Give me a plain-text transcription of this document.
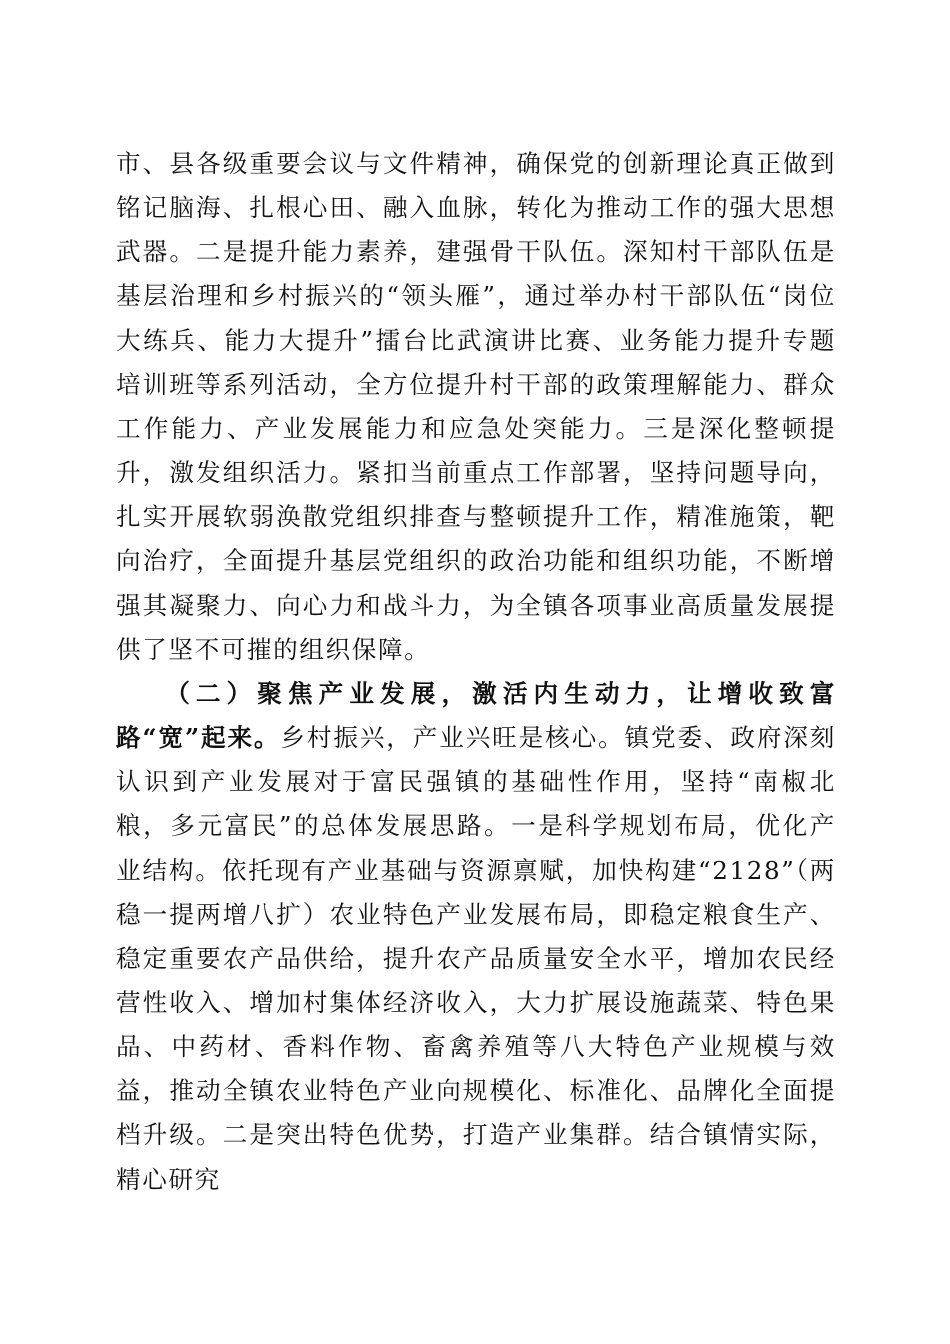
市、县各级重要会议与文件精神，确保党的创新理论真正做到铭记脑海、扎根心田、融入血脉，转化为推动工作的强大思想武器。二是提升能力素养，建强骨干队伍。深知村干部队伍是基层治理和乡村振兴的“领头雁”，通过举办村干部队伍“岗位大练兵、能力大提升”擂台比武演讲比赛、业务能力提升专题培训班等系列活动，全方位提升村干部的政策理解能力、群众工作能力、产业发展能力和应急处突能力。三是深化整顿提升，激发组织活力。紧扣当前重点工作部署，坚持问题导向，扎实开展软弱涣散党组织排查与整顿提升工作，精准施策，靶向治疗，全面提升基层党组织的政治功能和组织功能，不断增强其凝聚力、向心力和战斗力，为全镇各项事业高质量发展提供了坚不可摧的组织保障。

（二）聚焦产业发展，激活内生动力，让增收致富路“宽”起来。乡村振兴，产业兴旺是核心。镇党委、政府深刻认识到产业发展对于富民强镇的基础性作用，坚持“南椒北粮，多元富民”的总体发展思路。一是科学规划布局，优化产业结构。依托现有产业基础与资源禀赋，加快构建“2128”（两稳一提两增八扩）农业特色产业发展布局，即稳定粮食生产、稳定重要农产品供给，提升农产品质量安全水平，增加农民经营性收入、增加村集体经济收入，大力扩展设施蔬菜、特色果品、中药材、香料作物、畜禽养殖等八大特色产业规模与效益，推动全镇农业特色产业向规模化、标准化、品牌化全面提档升级。二是突出特色优势，打造产业集群。结合镇情实际，精心研究
